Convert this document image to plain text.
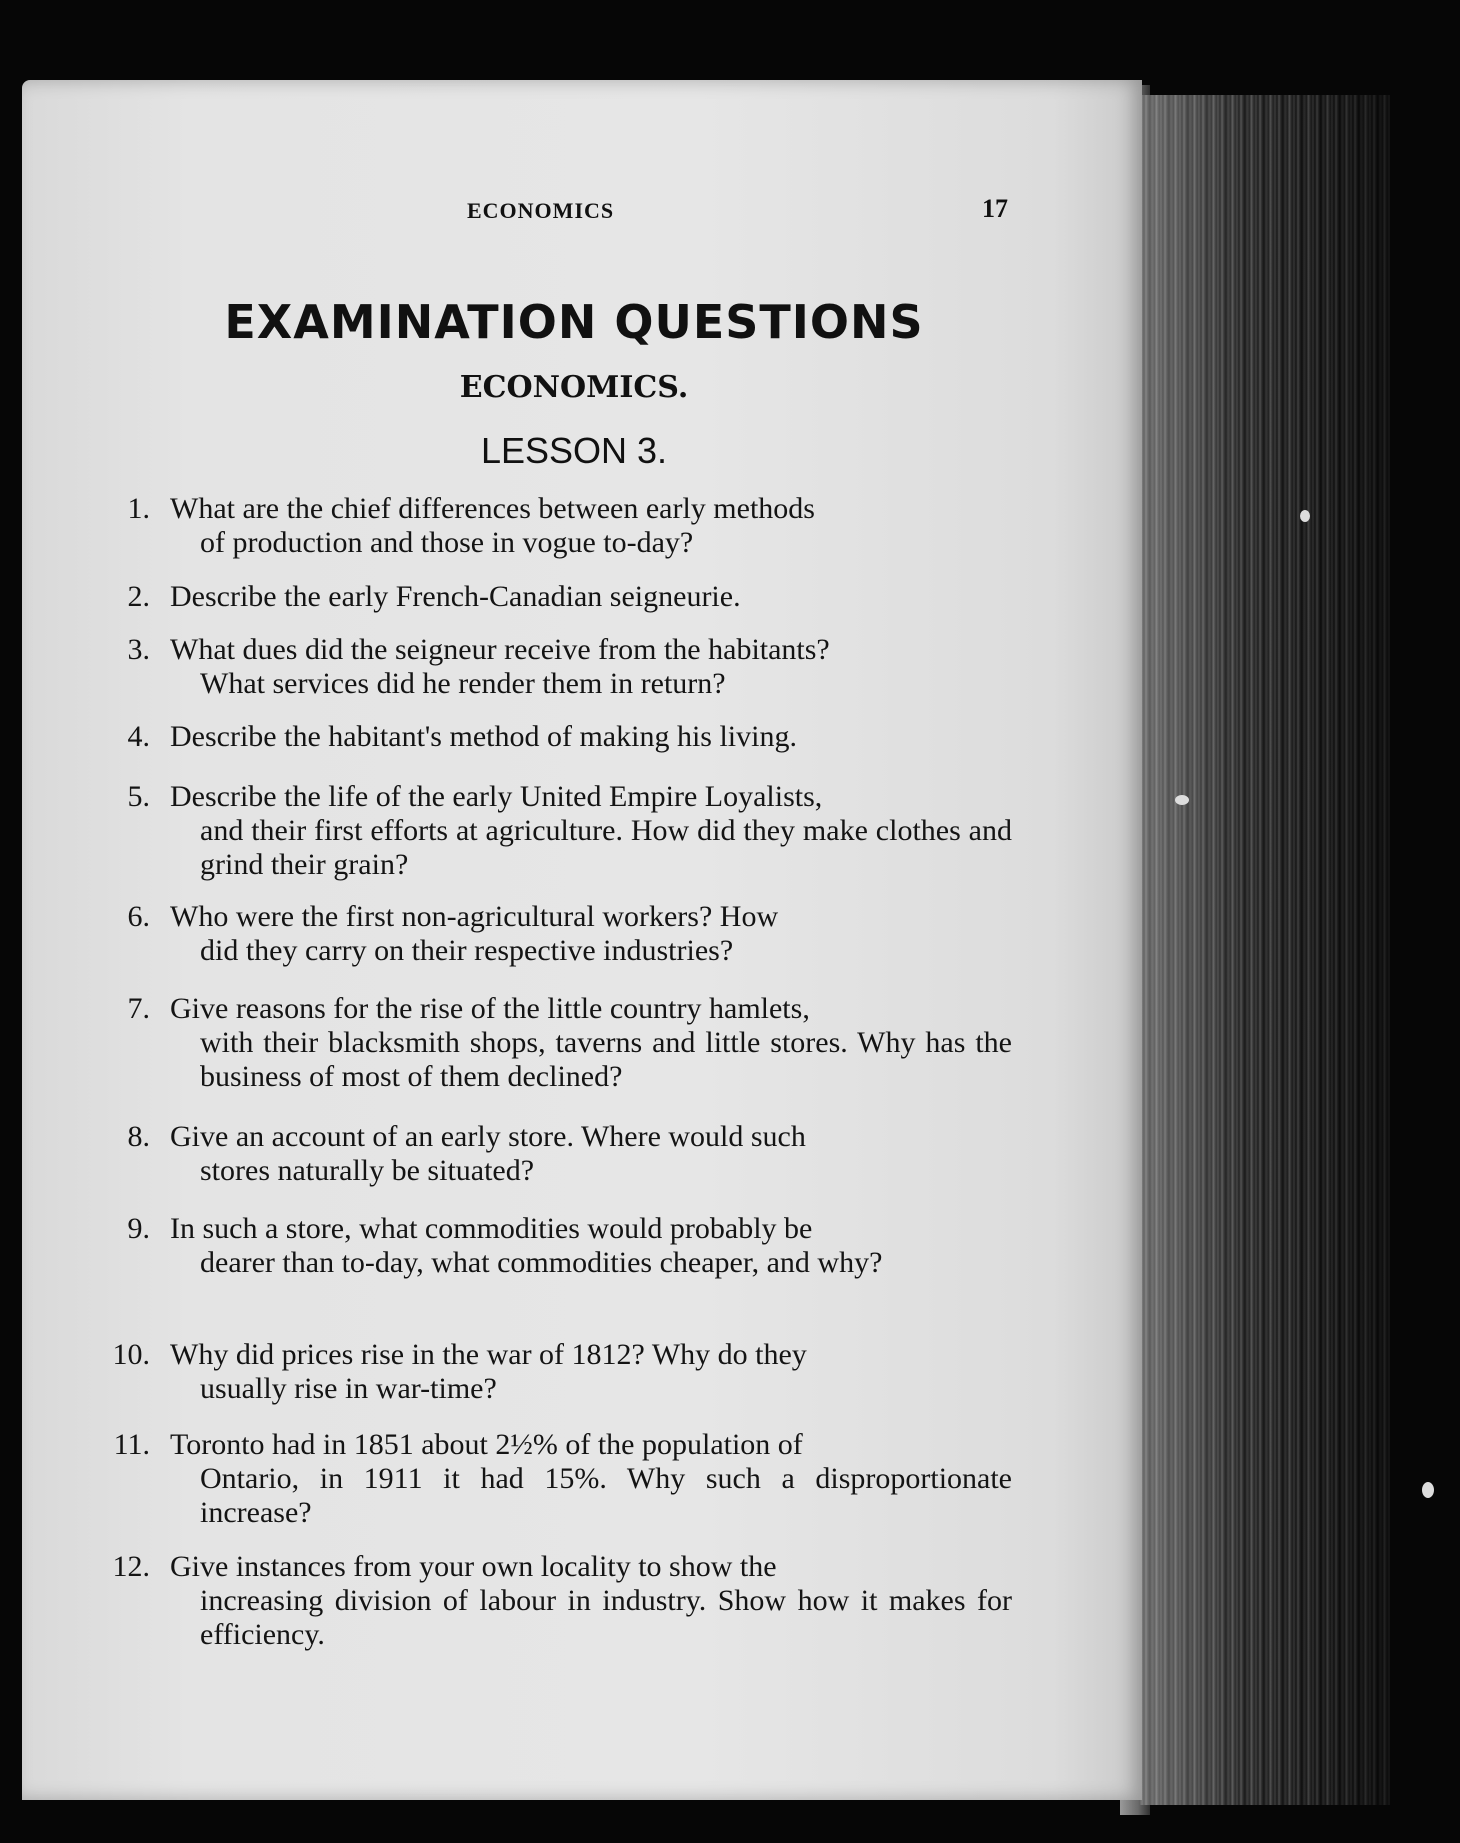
ECONOMICS	17
EXAMINATION QUESTIONS
ECONOMICS.
LESSON 3.
1. What are the chief differences between early methods
of production and those in vogue to-day?
2. Describe the early French-Canadian seigneurie.
3. What dues did the seigneur receive from the habitants?
What services did he render them in return?
4. Describe the habitant's method of making his living.
5. Describe the life of the early United Empire Loyalists,
and their first efforts at agriculture. How did they make clothes and grind their grain?
6. Who were the first non-agricultural workers? How
did they carry on their respective industries?
7. Give reasons for the rise of the little country hamlets,
with their blacksmith shops, taverns and little stores. Why has the business of most of them declined?
8. Give an account of an early store. Where would such
stores naturally be situated?
9. In such a store, what commodities would probably be
dearer than to-day, what commodities cheaper, and why?
10. Why did prices rise in the war of 1812? Why do they
usually rise in war-time?
11. Toronto had in 1851 about 2½% of the population of
Ontario, in 1911 it had 15%. Why such a disproportionate increase?
12. Give instances from your own locality to show the
increasing division of labour in industry. Show how it makes for efficiency.
